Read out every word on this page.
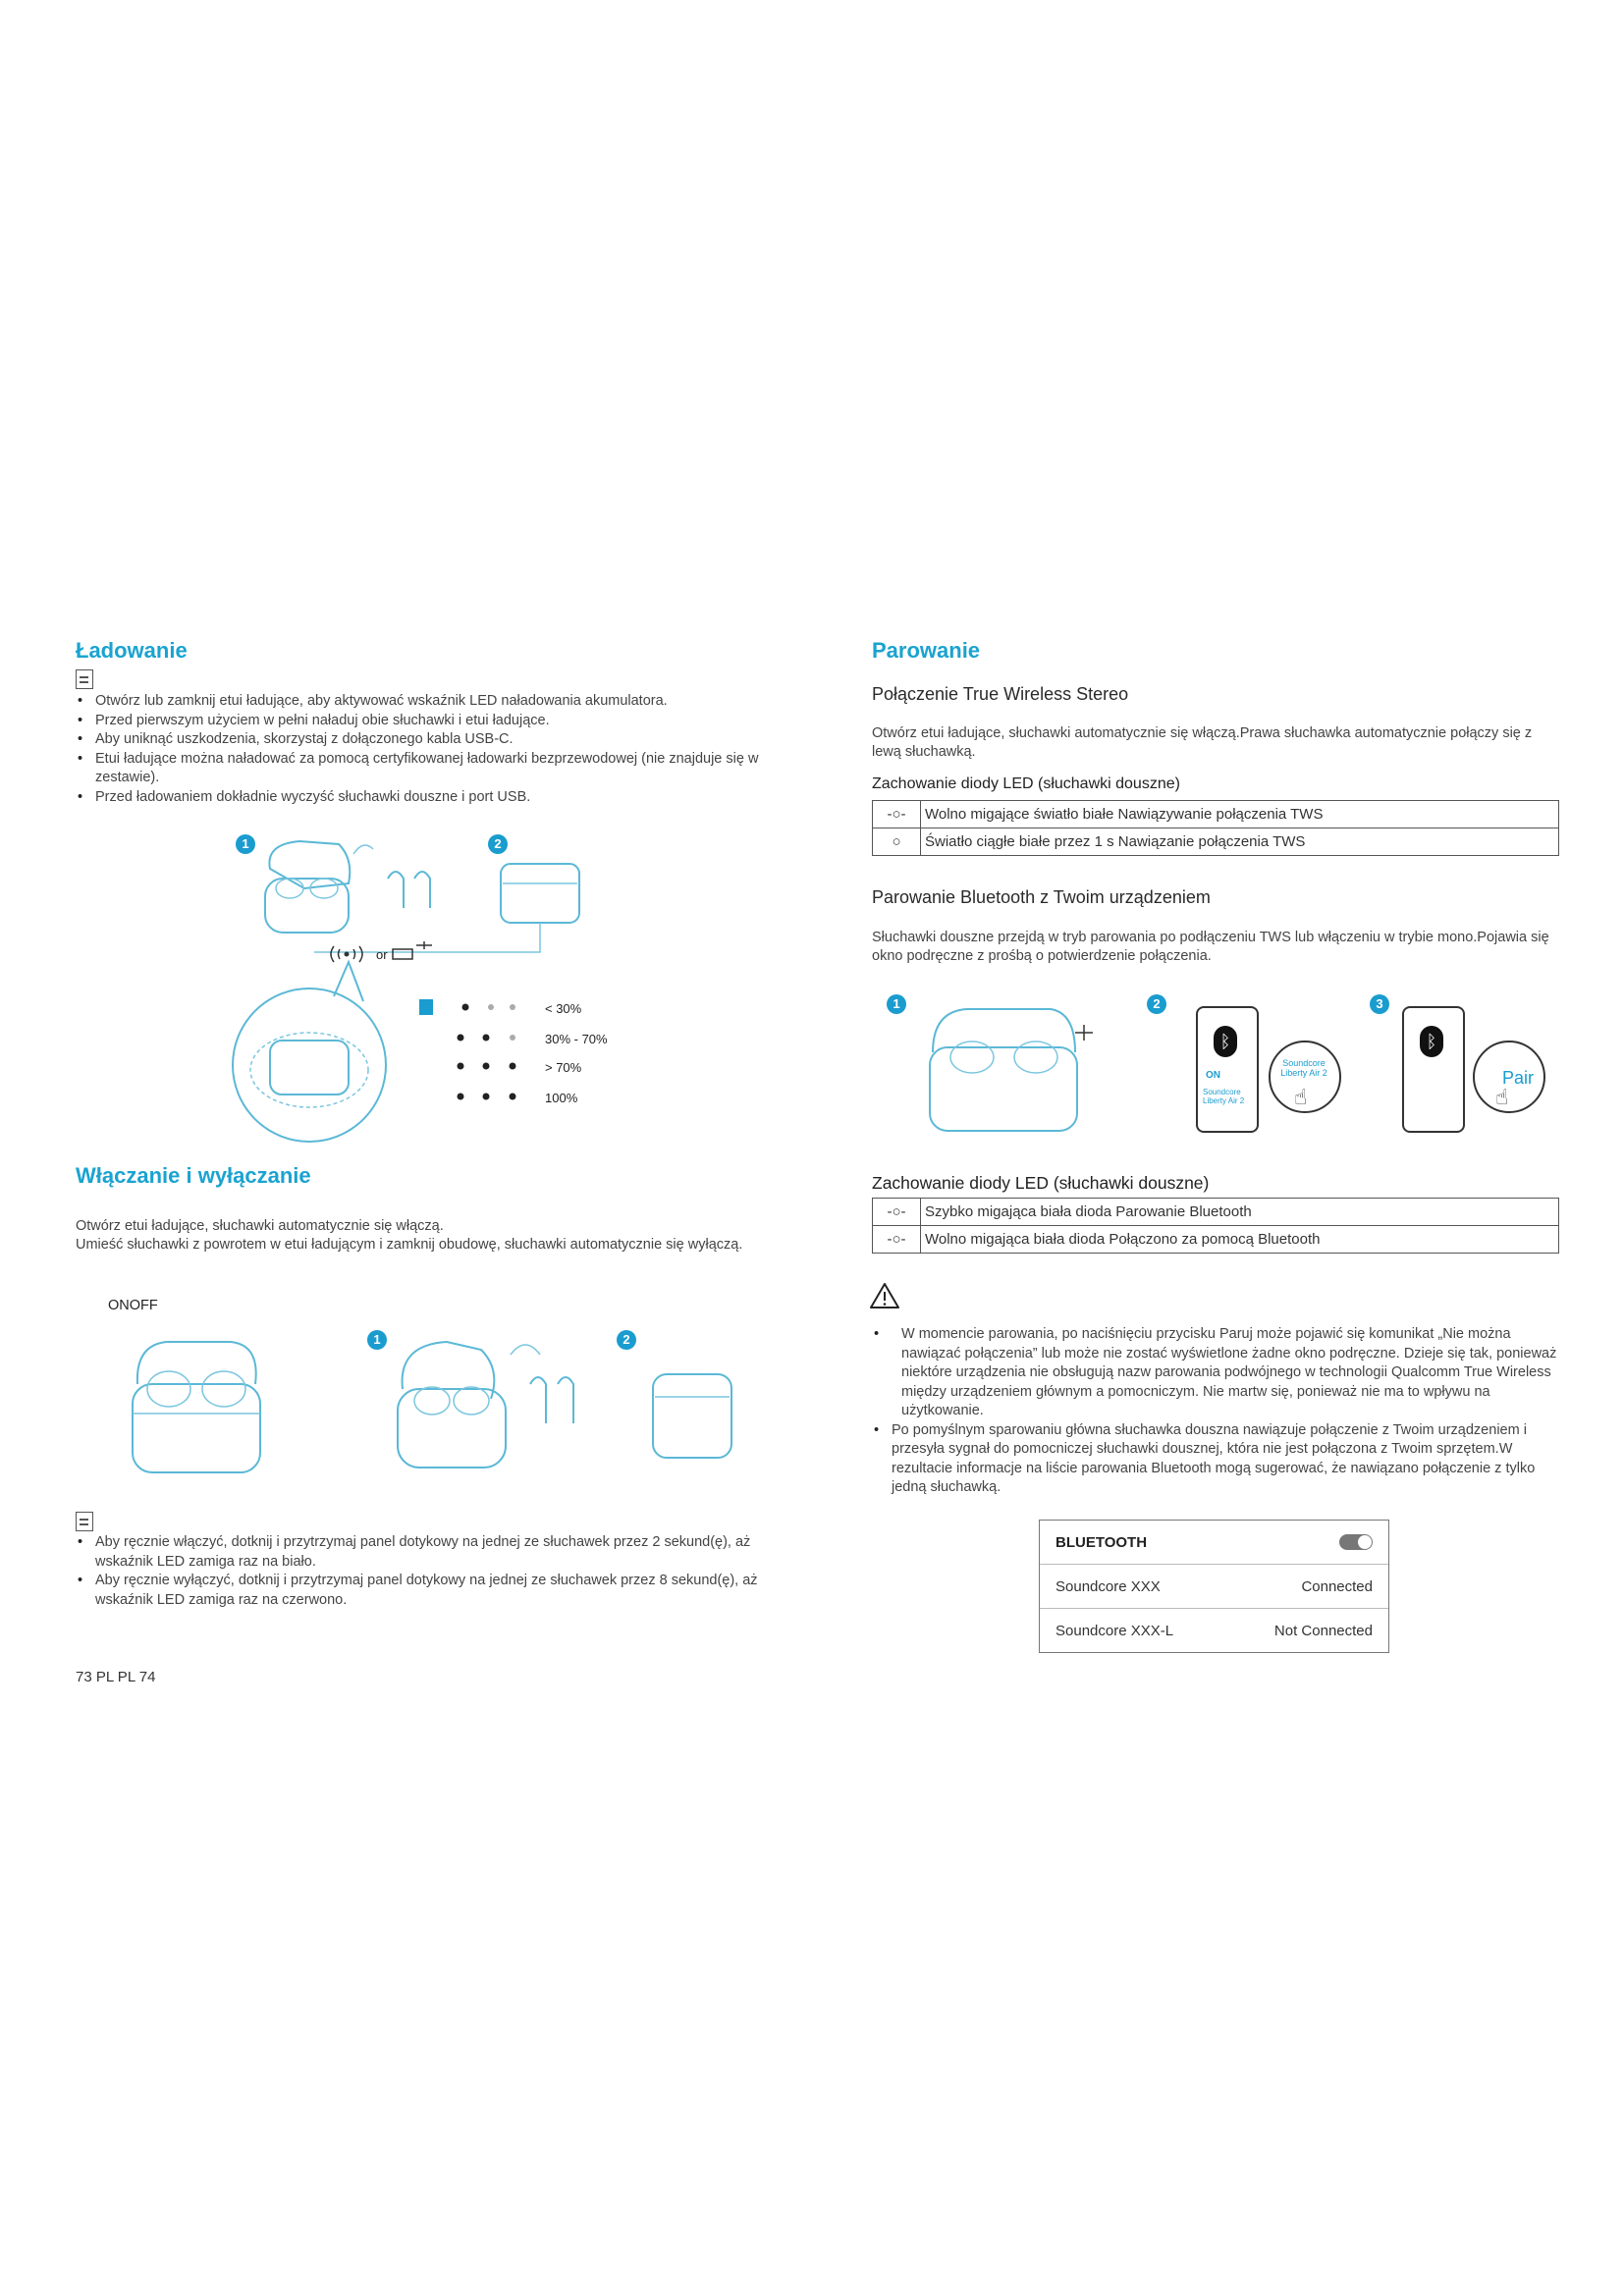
Ładowanie
• Otwórz lub zamknij etui ładujące, aby aktywować wskaźnik LED naładowania akumulatora.
• Przed pierwszym użyciem w pełni naładuj obie słuchawki i etui ładujące.
• Aby uniknąć uszkodzenia, skorzystaj z dołączonego kabla USB-C.
• Etui ładujące można naładować za pomocą certyfikowanej ładowarki bezprzewodowej (nie znajduje się w zestawie).
• Przed ładowaniem dokładnie wyczyść słuchawki douszne i port USB.
1	2
or
< 30%
30% - 70%
> 70%
100%
Włączanie i wyłączanie
Otwórz etui ładujące, słuchawki automatycznie się włączą.
Umieść słuchawki z powrotem w etui ładującym i zamknij obudowę, słuchawki automatycznie się wyłączą.
ONOFF
1	2
• Aby ręcznie włączyć, dotknij i przytrzymaj panel dotykowy na jednej ze słuchawek przez 2 sekund(ę), aż wskaźnik LED zamiga raz na biało.
• Aby ręcznie wyłączyć, dotknij i przytrzymaj panel dotykowy na jednej ze słuchawek przez 8 sekund(ę), aż wskaźnik LED zamiga raz na czerwono.
73 PL PL 74
Parowanie
Połączenie True Wireless Stereo
Otwórz etui ładujące, słuchawki automatycznie się włączą.Prawa słuchawka automatycznie połączy się z lewą słuchawką.
Zachowanie diody LED (słuchawki douszne)
-○-	Wolno migające światło białe Nawiązywanie połączenia TWS
○	Światło ciągłe białe przez 1 s Nawiązanie połączenia TWS
Parowanie Bluetooth z Twoim urządzeniem
Słuchawki douszne przejdą w tryb parowania po podłączeniu TWS lub włączeniu w trybie mono.Pojawia się okno podręczne z prośbą o potwierdzenie połączenia.
1	2	3
ᛒ
ON
Soundcore Liberty Air 2
Soundcore Liberty Air 2
☝
ᛒ
Pair
☝
Zachowanie diody LED (słuchawki douszne)
-○-	Szybko migająca biała dioda Parowanie Bluetooth
-○-	Wolno migająca biała dioda Połączono za pomocą Bluetooth
• W momencie parowania, po naciśnięciu przycisku Paruj może pojawić się komunikat „Nie można nawiązać połączenia” lub może nie zostać wyświetlone żadne okno podręczne. Dzieje się tak, ponieważ niektóre urządzenia nie obsługują nazw parowania podwójnego w technologii Qualcomm True Wireless między urządzeniem głównym a pomocniczym. Nie martw się, ponieważ nie ma to wpływu na użytkowanie.
• Po pomyślnym sparowaniu główna słuchawka douszna nawiązuje połączenie z Twoim urządzeniem i przesyła sygnał do pomocniczej słuchawki dousznej, która nie jest połączona z Twoim sprzętem.W rezultacie informacje na liście parowania Bluetooth mogą sugerować, że nawiązano połączenie z tylko jedną słuchawką.
BLUETOOTH
Soundcore XXX	Connected
Soundcore XXX-L	Not Connected
